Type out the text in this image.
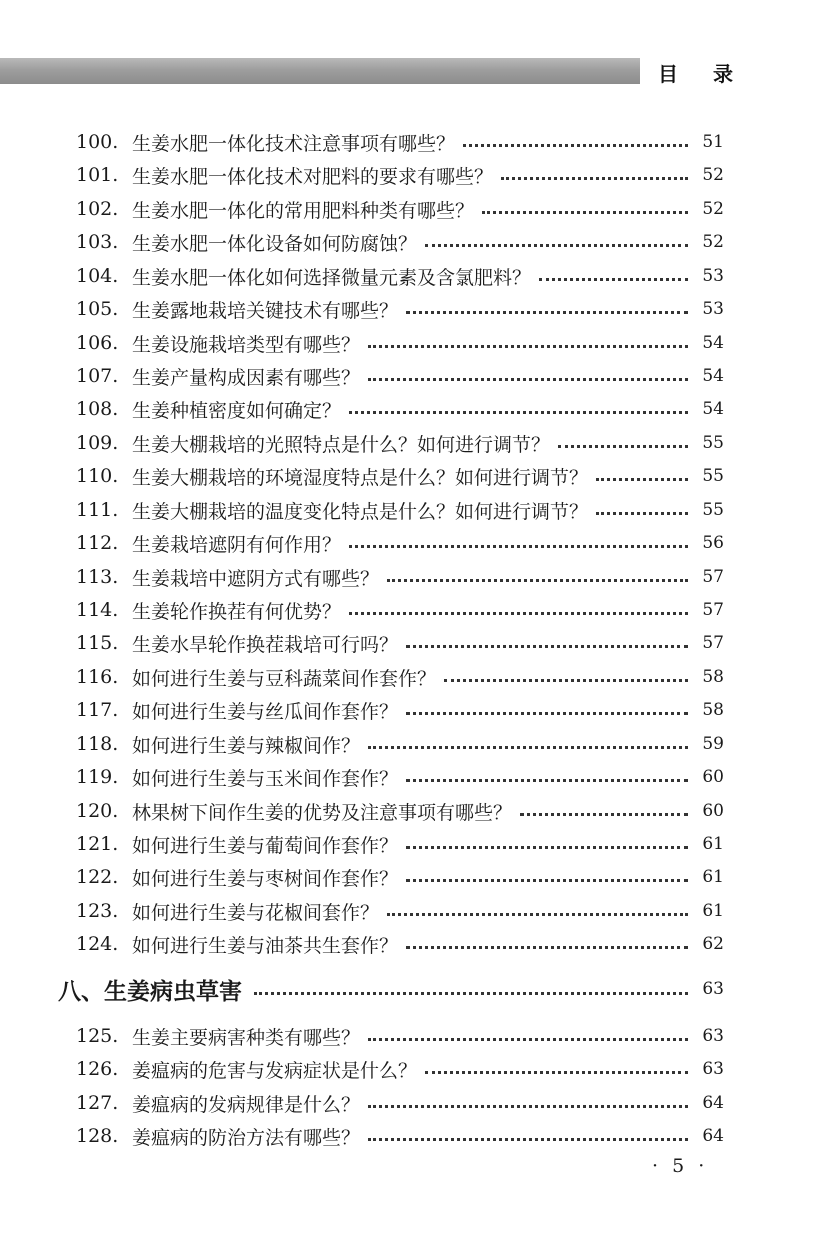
目 录
100. 生姜水肥一体化技术注意事项有哪些？	51
101. 生姜水肥一体化技术对肥料的要求有哪些？	52
102. 生姜水肥一体化的常用肥料种类有哪些？	52
103. 生姜水肥一体化设备如何防腐蚀？	52
104. 生姜水肥一体化如何选择微量元素及含氯肥料？	53
105. 生姜露地栽培关键技术有哪些？	53
106. 生姜设施栽培类型有哪些？	54
107. 生姜产量构成因素有哪些？	54
108. 生姜种植密度如何确定？	54
109. 生姜大棚栽培的光照特点是什么？如何进行调节？	55
110. 生姜大棚栽培的环境湿度特点是什么？如何进行调节？	55
111. 生姜大棚栽培的温度变化特点是什么？如何进行调节？	55
112. 生姜栽培遮阴有何作用？	56
113. 生姜栽培中遮阴方式有哪些？	57
114. 生姜轮作换茬有何优势？	57
115. 生姜水旱轮作换茬栽培可行吗？	57
116. 如何进行生姜与豆科蔬菜间作套作？	58
117. 如何进行生姜与丝瓜间作套作？	58
118. 如何进行生姜与辣椒间作？	59
119. 如何进行生姜与玉米间作套作？	60
120. 林果树下间作生姜的优势及注意事项有哪些？	60
121. 如何进行生姜与葡萄间作套作？	61
122. 如何进行生姜与枣树间作套作？	61
123. 如何进行生姜与花椒间套作？	61
124. 如何进行生姜与油茶共生套作？	62
八、生姜病虫草害	63
125. 生姜主要病害种类有哪些？	63
126. 姜瘟病的危害与发病症状是什么？	63
127. 姜瘟病的发病规律是什么？	64
128. 姜瘟病的防治方法有哪些？	64
· 5 ·
